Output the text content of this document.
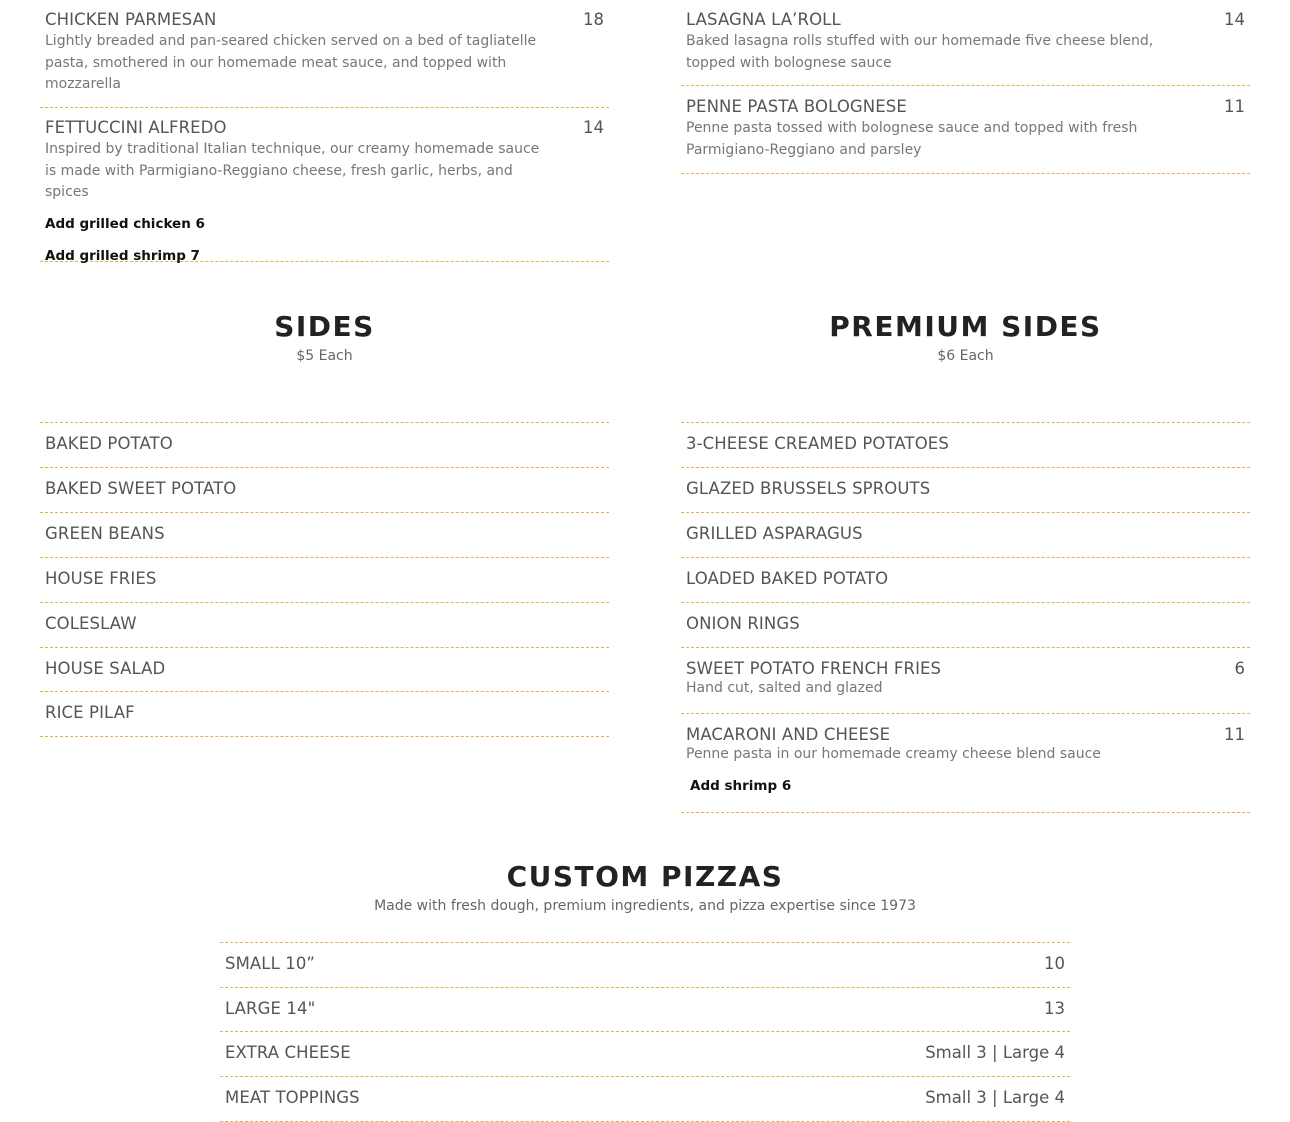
CHICKEN PARMESAN	18
Lightly breaded and pan-seared chicken served on a bed of tagliatelle pasta, smothered in our homemade meat sauce, and topped with mozzarella
FETTUCCINI ALFREDO	14
Inspired by traditional Italian technique, our creamy homemade sauce is made with Parmigiano-Reggiano cheese, fresh garlic, herbs, and spices
Add grilled chicken 6
Add grilled shrimp 7
LASAGNA LA’ROLL	14
Baked lasagna rolls stuffed with our homemade five cheese blend, topped with bolognese sauce
PENNE PASTA BOLOGNESE	11
Penne pasta tossed with bolognese sauce and topped with fresh Parmigiano-Reggiano and parsley
SIDES
$5 Each
PREMIUM SIDES
$6 Each
BAKED POTATO
BAKED SWEET POTATO
GREEN BEANS
HOUSE FRIES
COLESLAW
HOUSE SALAD
RICE PILAF
3-CHEESE CREAMED POTATOES
GLAZED BRUSSELS SPROUTS
GRILLED ASPARAGUS
LOADED BAKED POTATO
ONION RINGS
SWEET POTATO FRENCH FRIES	6
Hand cut, salted and glazed
MACARONI AND CHEESE	11
Penne pasta in our homemade creamy cheese blend sauce
Add shrimp 6
CUSTOM PIZZAS
Made with fresh dough, premium ingredients, and pizza expertise since 1973
SMALL 10”	10
LARGE 14"	13
EXTRA CHEESE	Small 3 | Large 4
MEAT TOPPINGS	Small 3 | Large 4
